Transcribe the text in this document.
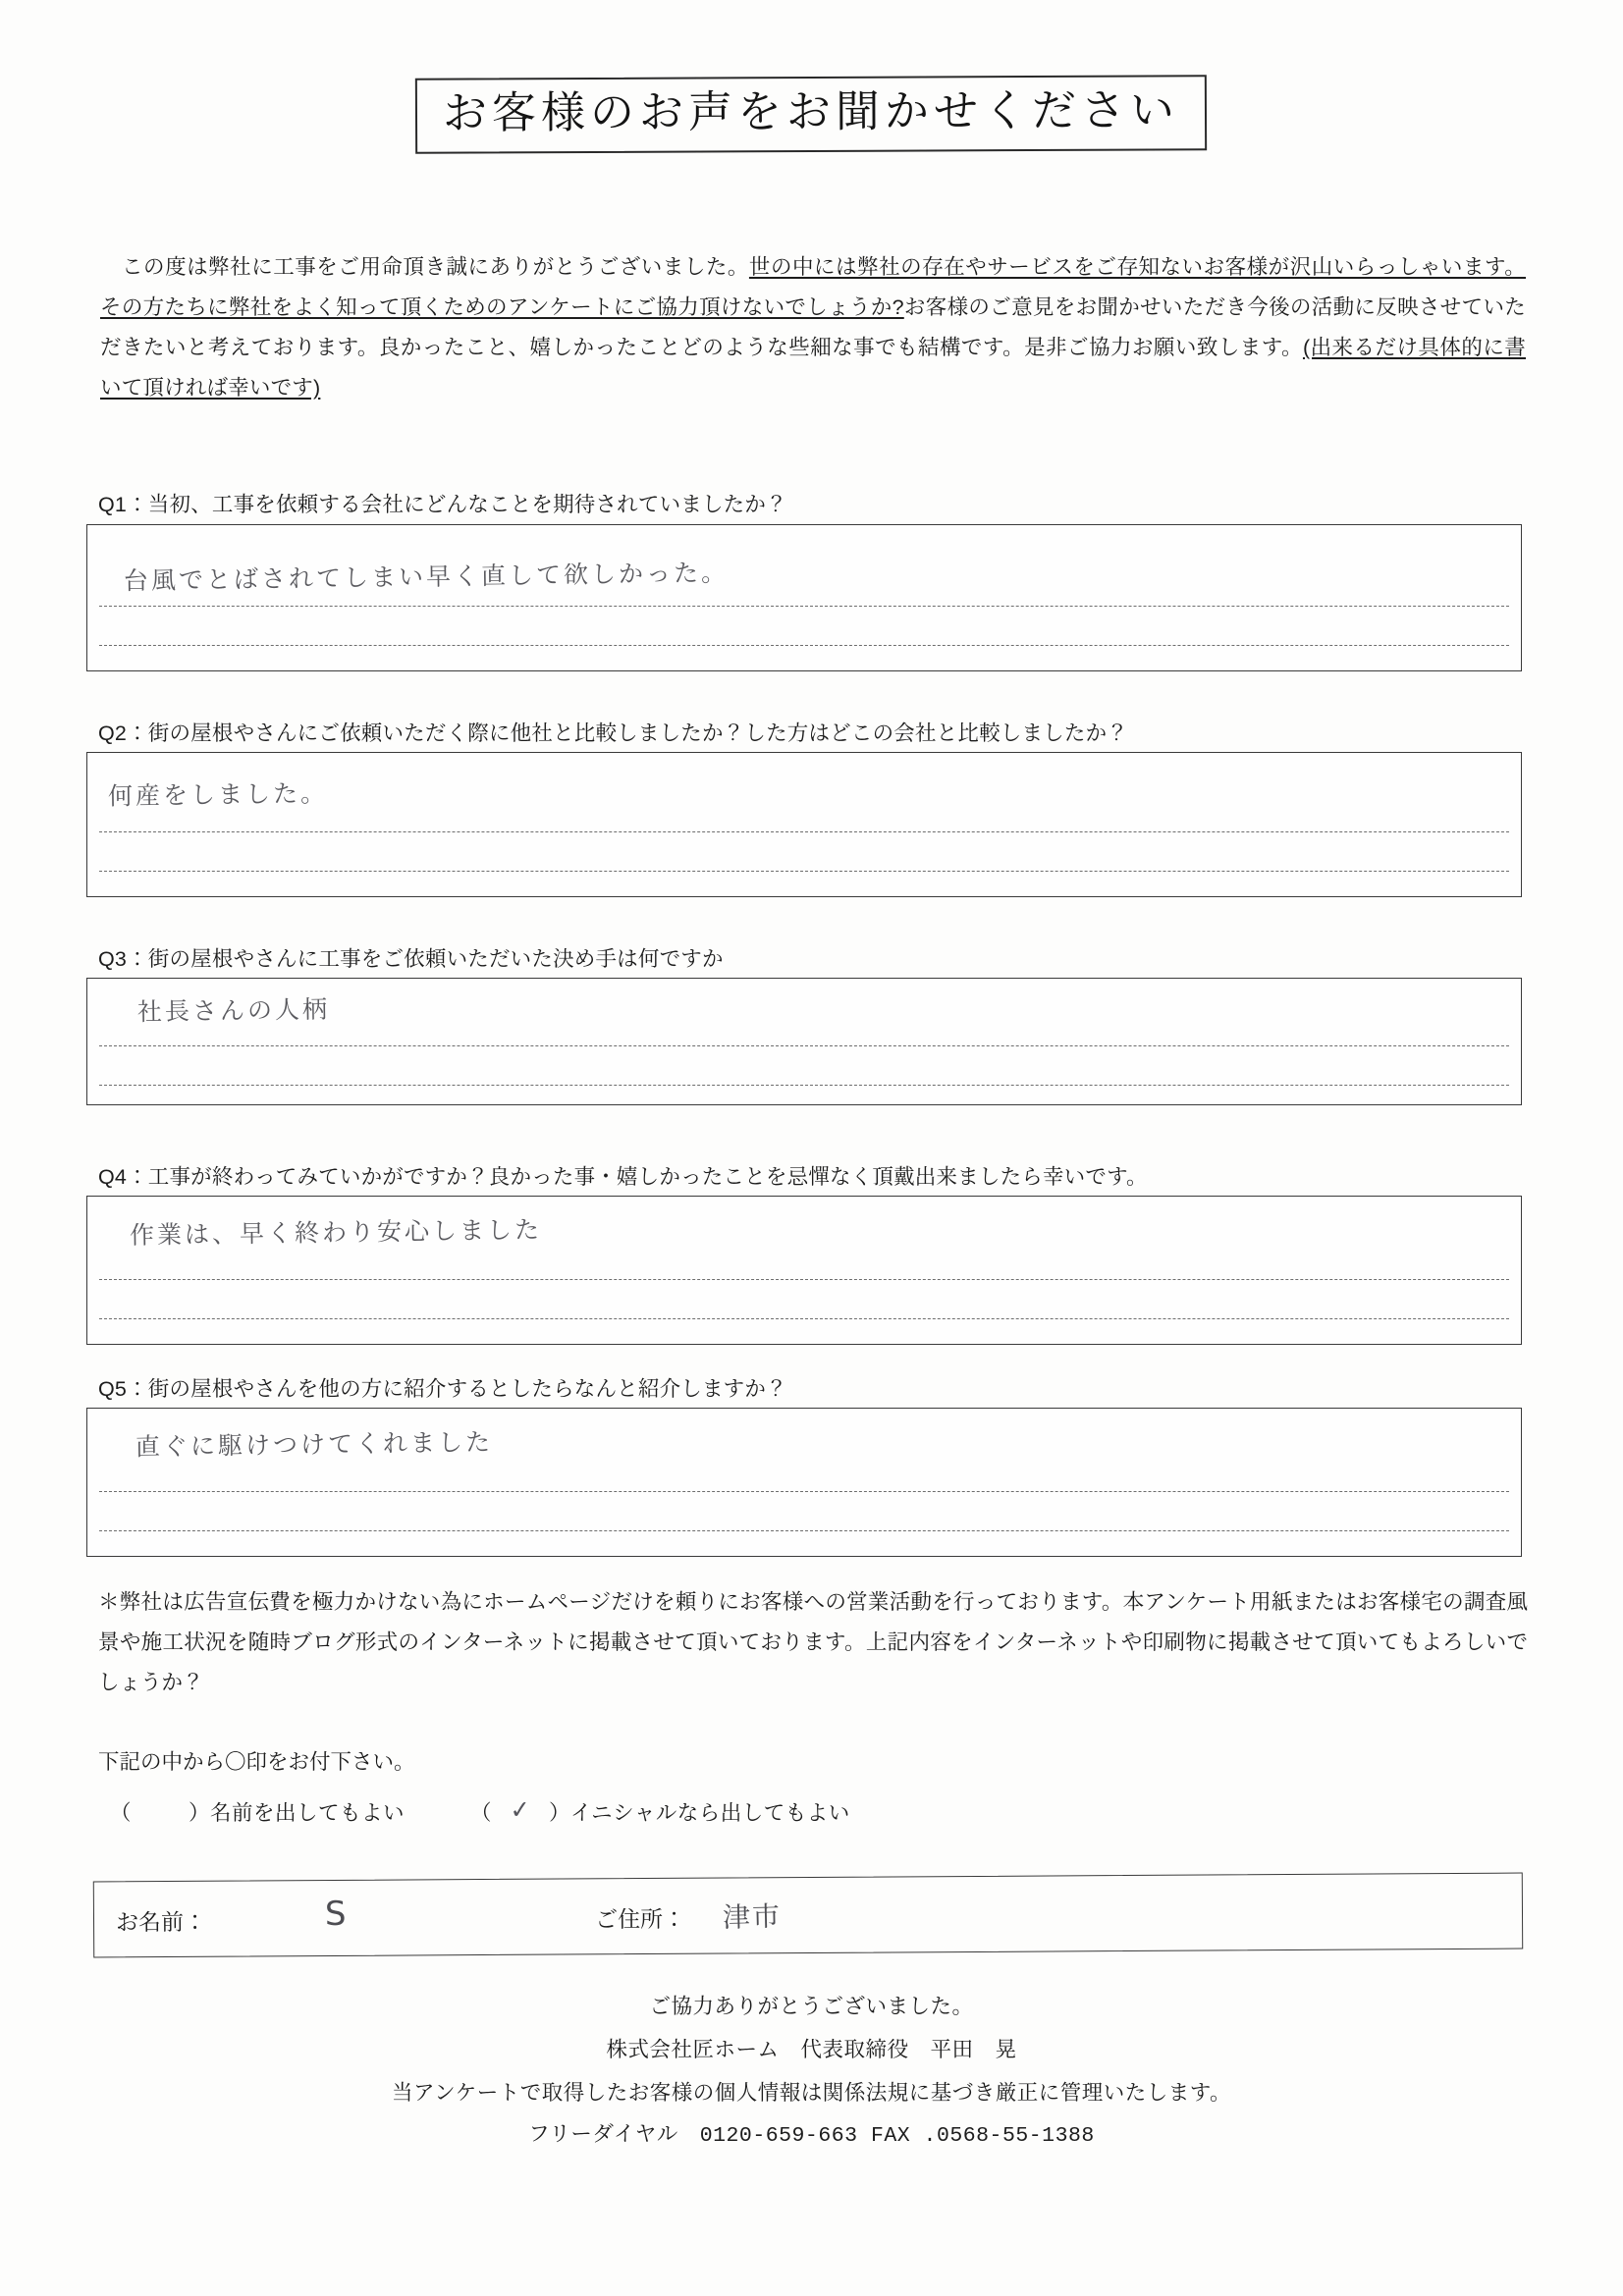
お客様のお声をお聞かせください
この度は弊社に工事をご用命頂き誠にありがとうございました。世の中には弊社の存在やサービスをご存知ないお客様が沢山いらっしゃいます。その方たちに弊社をよく知って頂くためのアンケートにご協力頂けないでしょうか?お客様のご意見をお聞かせいただき今後の活動に反映させていただきたいと考えております。良かったこと、嬉しかったことどのような些細な事でも結構です。是非ご協力お願い致します。(出来るだけ具体的に書いて頂ければ幸いです)
Q1：当初、工事を依頼する会社にどんなことを期待されていましたか？
台風でとばされてしまい早く直して欲しかった。
Q2：街の屋根やさんにご依頼いただく際に他社と比較しましたか？した方はどこの会社と比較しましたか？
何産をしました。
Q3：街の屋根やさんに工事をご依頼いただいた決め手は何ですか
社長さんの人柄
Q4：工事が終わってみていかがですか？良かった事・嬉しかったことを忌憚なく頂戴出来ましたら幸いです。
作業は、早く終わり安心しました
Q5：街の屋根やさんを他の方に紹介するとしたらなんと紹介しますか？
直ぐに駆けつけてくれました
＊弊社は広告宣伝費を極力かけない為にホームページだけを頼りにお客様への営業活動を行っております。本アンケート用紙またはお客様宅の調査風景や施工状況を随時ブログ形式のインターネットに掲載させて頂いております。上記内容をインターネットや印刷物に掲載させて頂いてもよろしいでしょうか？
下記の中から〇印をお付下さい。
（	）名前を出してもよい	（ ✓ ）イニシャルなら出してもよい
お名前：	S	ご住所： 津市
ご協力ありがとうございました。
株式会社匠ホーム　代表取締役　平田　晃
当アンケートで取得したお客様の個人情報は関係法規に基づき厳正に管理いたします。
フリーダイヤル　0120-659-663 FAX .0568-55-1388
